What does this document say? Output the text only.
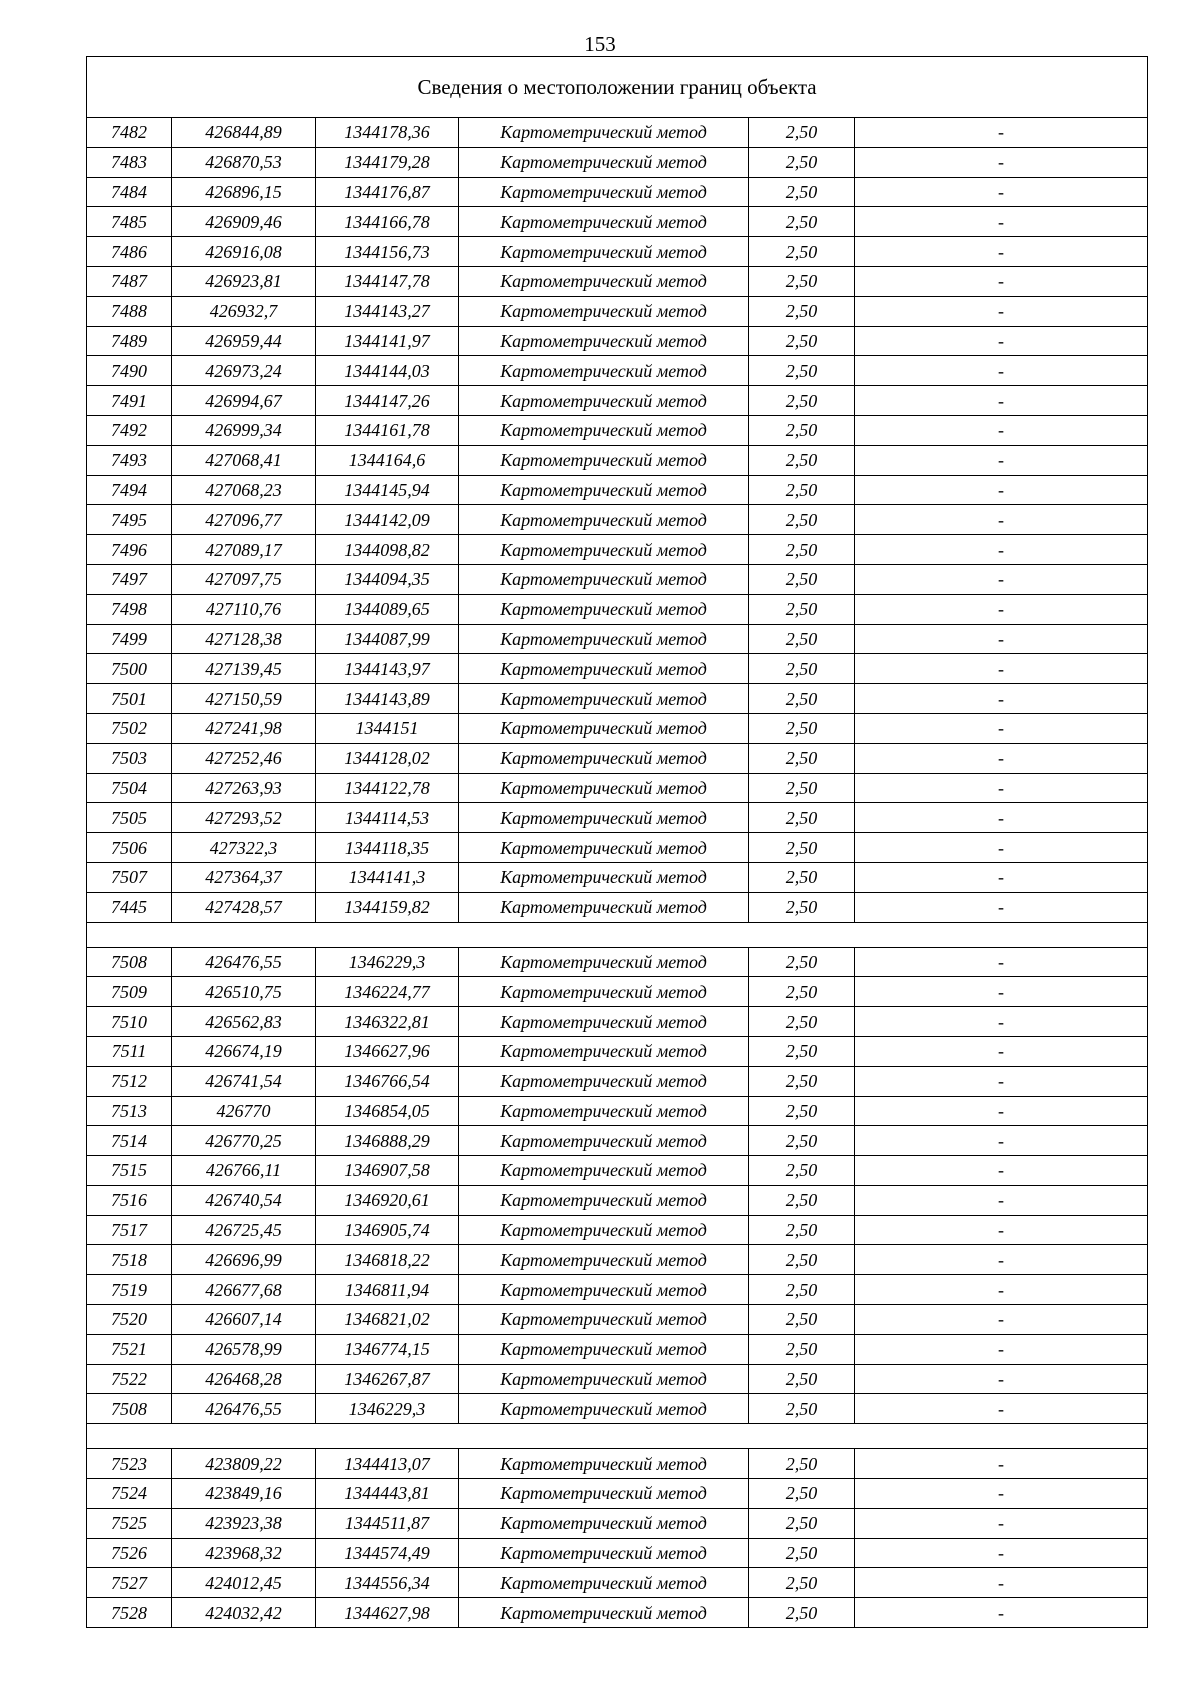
153
Сведения о местоположении границ объекта					
7482	426844,89	1344178,36	Картометрический метод	2,50	-
7483	426870,53	1344179,28	Картометрический метод	2,50	-
7484	426896,15	1344176,87	Картометрический метод	2,50	-
7485	426909,46	1344166,78	Картометрический метод	2,50	-
7486	426916,08	1344156,73	Картометрический метод	2,50	-
7487	426923,81	1344147,78	Картометрический метод	2,50	-
7488	426932,7	1344143,27	Картометрический метод	2,50	-
7489	426959,44	1344141,97	Картометрический метод	2,50	-
7490	426973,24	1344144,03	Картометрический метод	2,50	-
7491	426994,67	1344147,26	Картометрический метод	2,50	-
7492	426999,34	1344161,78	Картометрический метод	2,50	-
7493	427068,41	1344164,6	Картометрический метод	2,50	-
7494	427068,23	1344145,94	Картометрический метод	2,50	-
7495	427096,77	1344142,09	Картометрический метод	2,50	-
7496	427089,17	1344098,82	Картометрический метод	2,50	-
7497	427097,75	1344094,35	Картометрический метод	2,50	-
7498	427110,76	1344089,65	Картометрический метод	2,50	-
7499	427128,38	1344087,99	Картометрический метод	2,50	-
7500	427139,45	1344143,97	Картометрический метод	2,50	-
7501	427150,59	1344143,89	Картометрический метод	2,50	-
7502	427241,98	1344151	Картометрический метод	2,50	-
7503	427252,46	1344128,02	Картометрический метод	2,50	-
7504	427263,93	1344122,78	Картометрический метод	2,50	-
7505	427293,52	1344114,53	Картометрический метод	2,50	-
7506	427322,3	1344118,35	Картометрический метод	2,50	-
7507	427364,37	1344141,3	Картометрический метод	2,50	-
7445	427428,57	1344159,82	Картометрический метод	2,50	-

7508	426476,55	1346229,3	Картометрический метод	2,50	-
7509	426510,75	1346224,77	Картометрический метод	2,50	-
7510	426562,83	1346322,81	Картометрический метод	2,50	-
7511	426674,19	1346627,96	Картометрический метод	2,50	-
7512	426741,54	1346766,54	Картометрический метод	2,50	-
7513	426770	1346854,05	Картометрический метод	2,50	-
7514	426770,25	1346888,29	Картометрический метод	2,50	-
7515	426766,11	1346907,58	Картометрический метод	2,50	-
7516	426740,54	1346920,61	Картометрический метод	2,50	-
7517	426725,45	1346905,74	Картометрический метод	2,50	-
7518	426696,99	1346818,22	Картометрический метод	2,50	-
7519	426677,68	1346811,94	Картометрический метод	2,50	-
7520	426607,14	1346821,02	Картометрический метод	2,50	-
7521	426578,99	1346774,15	Картометрический метод	2,50	-
7522	426468,28	1346267,87	Картометрический метод	2,50	-
7508	426476,55	1346229,3	Картометрический метод	2,50	-

7523	423809,22	1344413,07	Картометрический метод	2,50	-
7524	423849,16	1344443,81	Картометрический метод	2,50	-
7525	423923,38	1344511,87	Картометрический метод	2,50	-
7526	423968,32	1344574,49	Картометрический метод	2,50	-
7527	424012,45	1344556,34	Картометрический метод	2,50	-
7528	424032,42	1344627,98	Картометрический метод	2,50	-
